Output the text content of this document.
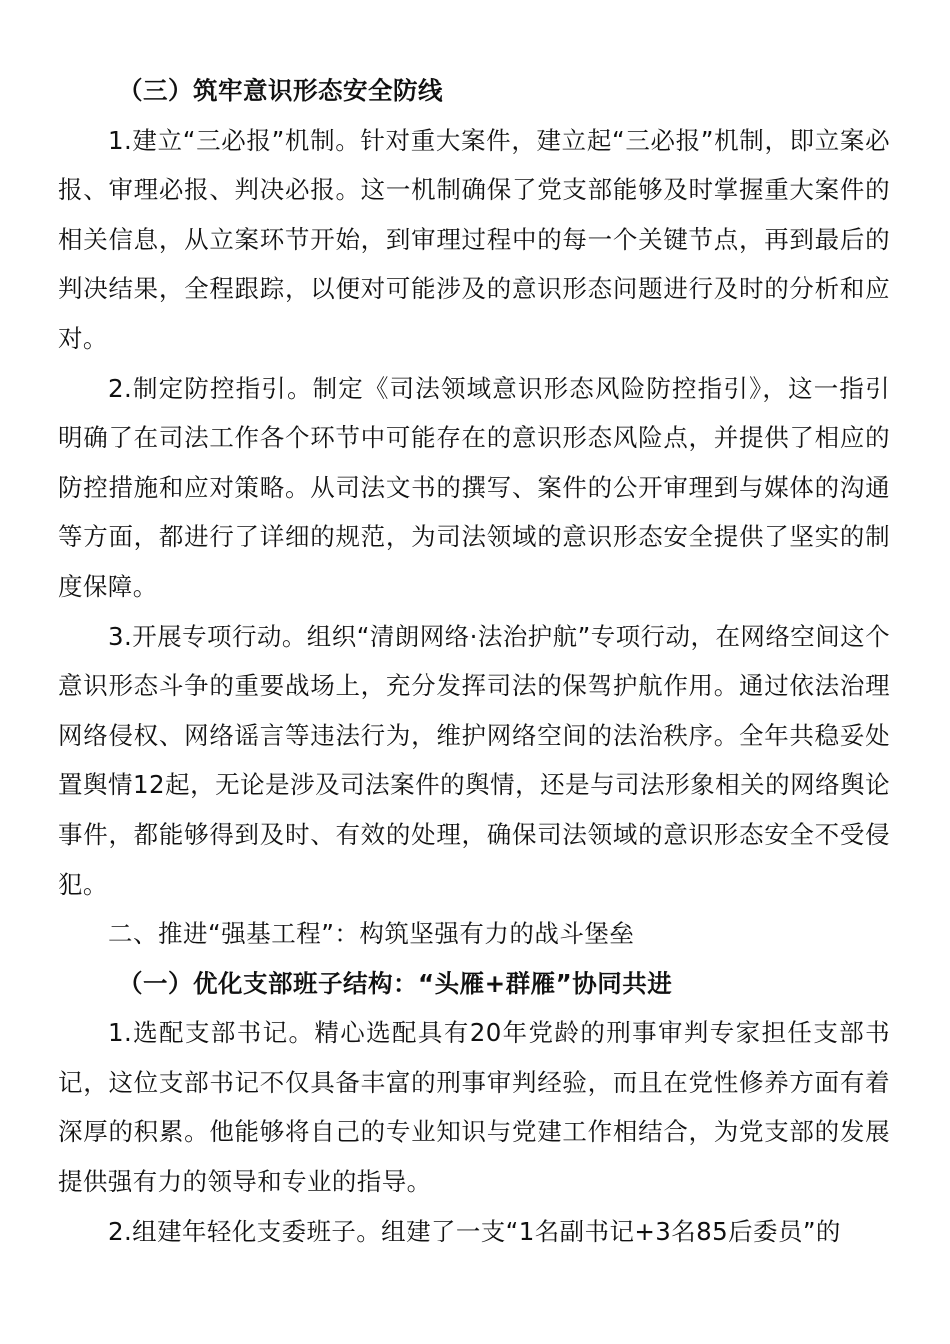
（三）筑牢意识形态安全防线

1.建立“三必报”机制。针对重大案件，建立起“三必报”机制，即立案必报、审理必报、判决必报。这一机制确保了党支部能够及时掌握重大案件的相关信息，从立案环节开始，到审理过程中的每一个关键节点，再到最后的判决结果，全程跟踪，以便对可能涉及的意识形态问题进行及时的分析和应对。

2.制定防控指引。制定《司法领域意识形态风险防控指引》，这一指引明确了在司法工作各个环节中可能存在的意识形态风险点，并提供了相应的防控措施和应对策略。从司法文书的撰写、案件的公开审理到与媒体的沟通等方面，都进行了详细的规范，为司法领域的意识形态安全提供了坚实的制度保障。

3.开展专项行动。组织“清朗网络·法治护航”专项行动，在网络空间这个意识形态斗争的重要战场上，充分发挥司法的保驾护航作用。通过依法治理网络侵权、网络谣言等违法行为，维护网络空间的法治秩序。全年共稳妥处置舆情12起，无论是涉及司法案件的舆情，还是与司法形象相关的网络舆论事件，都能够得到及时、有效的处理，确保司法领域的意识形态安全不受侵犯。

二、推进“强基工程”：构筑坚强有力的战斗堡垒

（一）优化支部班子结构：“头雁+群雁”协同共进

1.选配支部书记。精心选配具有20年党龄的刑事审判专家担任支部书记，这位支部书记不仅具备丰富的刑事审判经验，而且在党性修养方面有着深厚的积累。他能够将自己的专业知识与党建工作相结合，为党支部的发展提供强有力的领导和专业的指导。

2.组建年轻化支委班子。组建了一支“1名副书记+3名85后委员”的
